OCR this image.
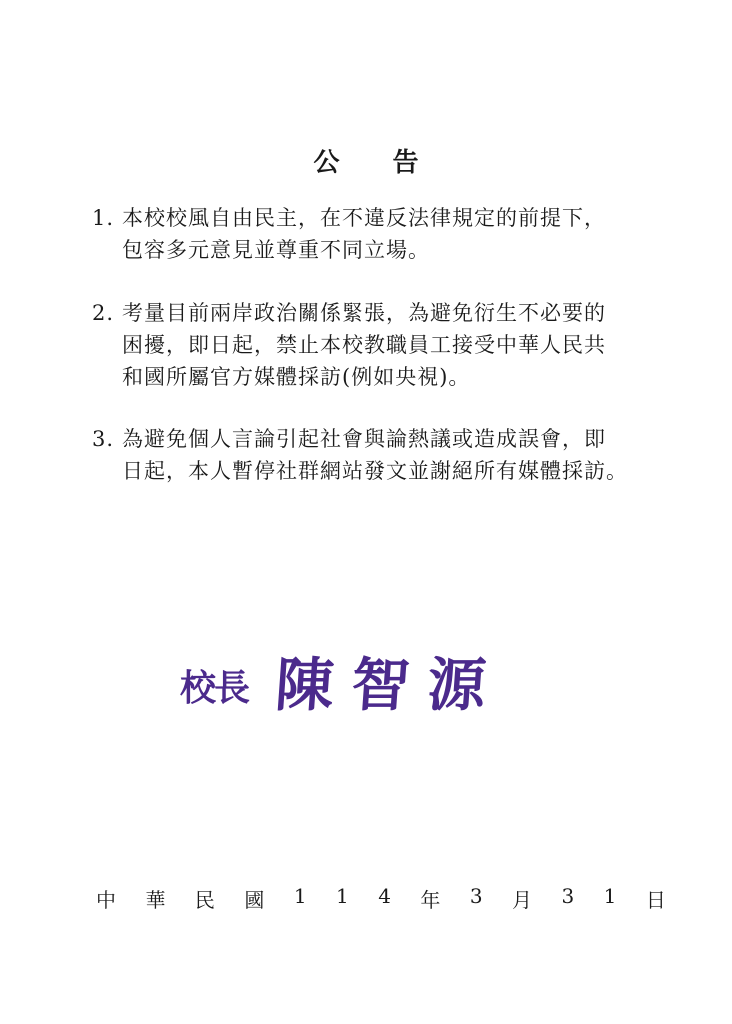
公 告
1. 本校校風自由民主，在不違反法律規定的前提下，
包容多元意見並尊重不同立場。
2. 考量目前兩岸政治關係緊張，為避免衍生不必要的
困擾，即日起，禁止本校教職員工接受中華人民共
和國所屬官方媒體採訪(例如央視)。
3. 為避免個人言論引起社會與論熱議或造成誤會，即
日起，本人暫停社群網站發文並謝絕所有媒體採訪。
校長 陳智源
中 華 民 國 1 1 4 年 3 月 3 1 日
